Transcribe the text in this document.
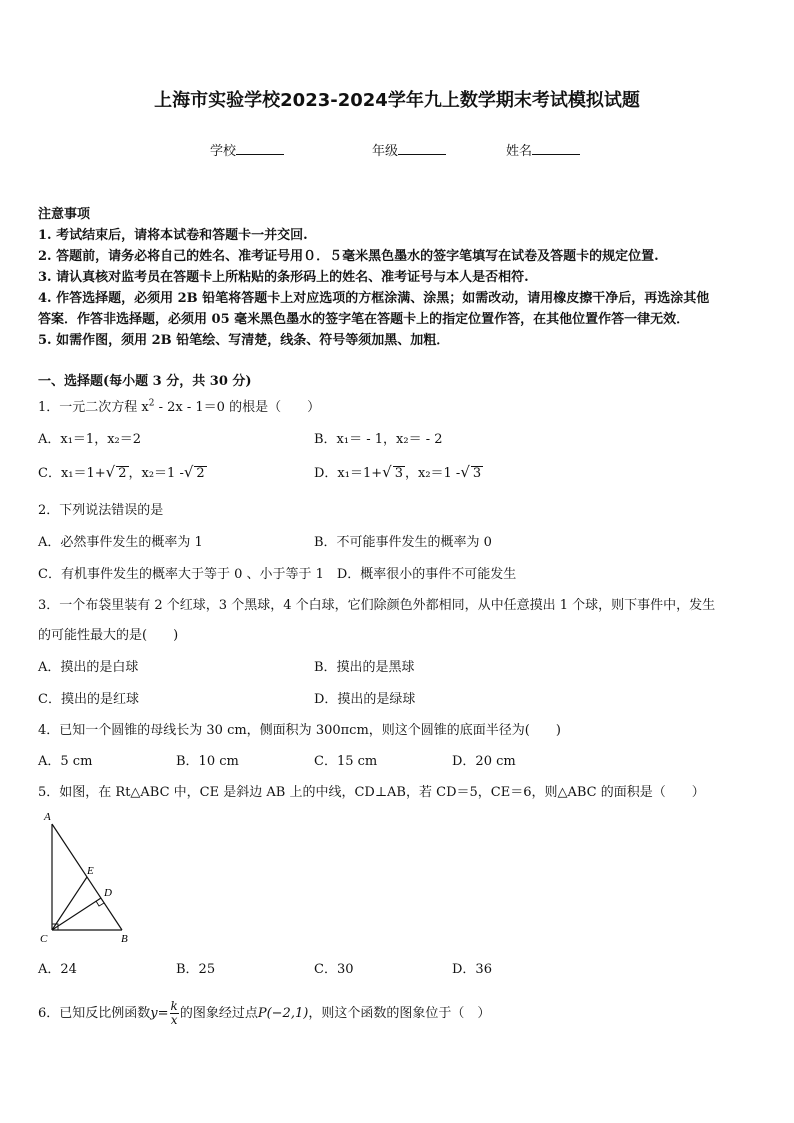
上海市实验学校2023-2024学年九上数学期末考试模拟试题
学校	年级	姓名
注意事项
1. 考试结束后，请将本试卷和答题卡一并交回.
2. 答题前，请务必将自己的姓名、准考证号用０．５毫米黑色墨水的签字笔填写在试卷及答题卡的规定位置.
3. 请认真核对监考员在答题卡上所粘贴的条形码上的姓名、准考证号与本人是否相符.
4. 作答选择题，必须用 2B 铅笔将答题卡上对应选项的方框涂满、涂黑；如需改动，请用橡皮擦干净后，再选涂其他
答案．作答非选择题，必须用 05 毫米黑色墨水的签字笔在答题卡上的指定位置作答，在其他位置作答一律无效．
5. 如需作图，须用 2B 铅笔绘、写清楚，线条、符号等须加黑、加粗．
一、选择题(每小题 3 分，共 30 分)
1．一元二次方程 $x^2 - 2x - 1=0$ 的根是（　　）
A．x₁＝1，x₂＝2	B．x₁＝ - 1，x₂＝ - 2
C．x₁＝1+√ 2 ，x₂＝1 -√ 2	D．x₁＝1+√ 3 ，x₂＝1 -√ 3
2．下列说法错误的是
A．必然事件发生的概率为 1	B．不可能事件发生的概率为 0
C．有机事件发生的概率大于等于 0 、小于等于 1　D．概率很小的事件不可能发生
3．一个布袋里装有 2 个红球，3 个黑球，4 个白球，它们除颜色外都相同，从中任意摸出 1 个球，则下事件中，发生
的可能性最大的是(　　)
A．摸出的是白球	B．摸出的是黑球
C．摸出的是红球	D．摸出的是绿球
4．已知一个圆锥的母线长为 30 cm，侧面积为 300πcm，则这个圆锥的底面半径为(　　)
A．5 cm	B．10 cm	C．15 cm	D．20 cm
5．如图，在 Rt△ABC 中，CE 是斜边 AB 上的中线，CD⊥AB，若 CD＝5，CE＝6，则△ABC 的面积是（　　）
A
E
D
C	B
A．24	B．25	C．30	D．36
6．已知反比例函数$y= \frac{k}{x}$ 的图象经过点P(−2,1)，则这个函数的图象位于（　）
